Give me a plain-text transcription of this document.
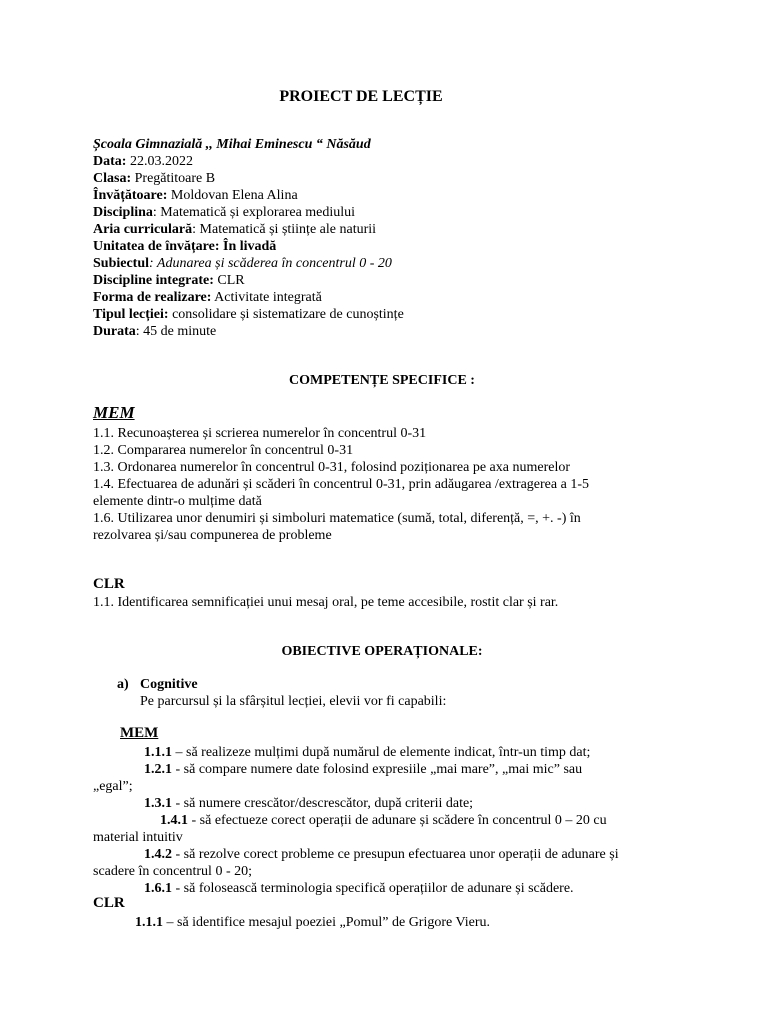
PROIECT DE LECȚIE
Școala Gimnazială ,, Mihai Eminescu “ Năsăud
Data: 22.03.2022
Clasa: Pregătitoare B
Învățătoare: Moldovan Elena Alina
Disciplina: Matematică și explorarea mediului
Aria curriculară: Matematică și științe ale naturii
Unitatea de învățare: În livadă
Subiectul: Adunarea și scăderea în concentrul 0 - 20
Discipline integrate: CLR
Forma de realizare: Activitate integrată
Tipul lecției: consolidare și sistematizare de cunoștințe
Durata: 45 de minute
COMPETENȚE SPECIFICE :
MEM
1.1. Recunoașterea și scrierea numerelor în concentrul 0-31
1.2. Compararea numerelor în concentrul 0-31
1.3. Ordonarea numerelor în concentrul 0-31, folosind poziționarea pe axa numerelor
1.4. Efectuarea de adunări și scăderi în concentrul 0-31, prin adăugarea /extragerea a 1-5
elemente dintr-o mulțime dată
1.6. Utilizarea unor denumiri și simboluri matematice (sumă, total, diferență, =, +. -) în
rezolvarea și/sau compunerea de probleme
CLR
1.1. Identificarea semnificației unui mesaj oral, pe teme accesibile, rostit clar și rar.
OBIECTIVE OPERAȚIONALE:
a) Cognitive
Pe parcursul și la sfârșitul lecției, elevii vor fi capabili:
MEM
1.1.1 – să realizeze mulțimi după numărul de elemente indicat, într-un timp dat;
1.2.1 - să compare numere date folosind expresiile „mai mare”, „mai mic” sau
„egal”;
1.3.1 - să numere crescător/descrescător, după criterii date;
1.4.1 - să efectueze corect operații de adunare și scădere în concentrul 0 – 20 cu
material intuitiv
1.4.2 - să rezolve corect probleme ce presupun efectuarea unor operații de adunare și
scadere în concentrul 0 - 20;
1.6.1 - să folosească terminologia specifică operațiilor de adunare și scădere.
CLR
1.1.1 – să identifice mesajul poeziei „Pomul” de Grigore Vieru.
